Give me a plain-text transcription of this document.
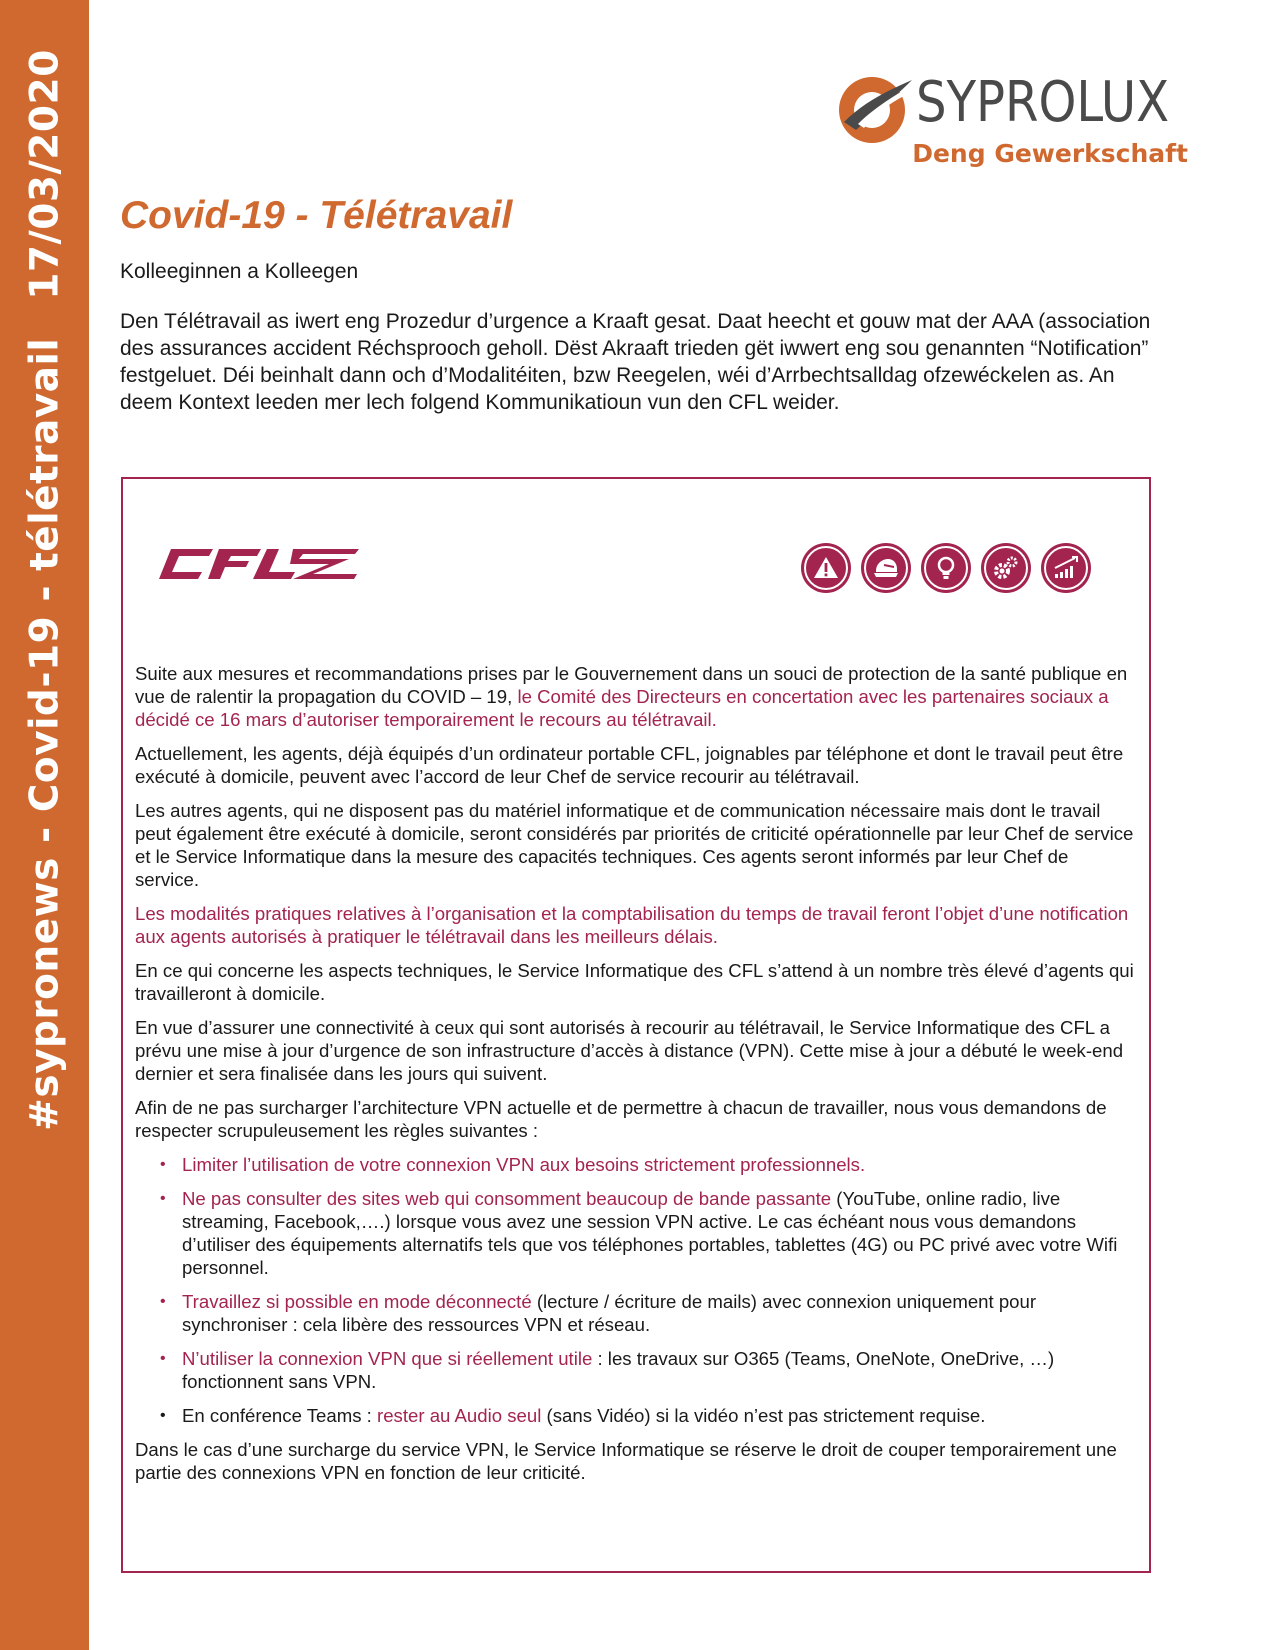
#sypronews - Covid-19 - télétravail17/03/2020	SYPROLUX
Deng Gewerkschaft
Covid-19 - Télétravail

Kolleeginnen a Kolleegen

Den Télétravail as iwert eng Prozedur d’urgence a Kraaft gesat. Daat heecht et gouw mat der AAA (association des assurances accident Réchsprooch geholl. Dëst Akraaft trieden gët iwwert eng sou genannten “Notification” festgeluet. Déi beinhalt dann och d’Modalitéiten, bzw Reegelen, wéi d’Arrbechtsalldag ofzewéckelen as. An deem Kontext leeden mer lech folgend Kommunikatioun vun den CFL weider.

Suite aux mesures et recommandations prises par le Gouvernement dans un souci de protection de la santé publique en vue de ralentir la propagation du COVID – 19, le Comité des Directeurs en concertation avec les partenaires sociaux a décidé ce 16 mars d’autoriser temporairement le recours au télétravail.

Actuellement, les agents, déjà équipés d’un ordinateur portable CFL, joignables par téléphone et dont le travail peut être exécuté à domicile, peuvent avec l’accord de leur Chef de service recourir au télétravail.

Les autres agents, qui ne disposent pas du matériel informatique et de communication nécessaire mais dont le travail peut également être exécuté à domicile, seront considérés par priorités de criticité opérationnelle par leur Chef de service et le Service Informatique dans la mesure des capacités techniques. Ces agents seront informés par leur Chef de service.

Les modalités pratiques relatives à l’organisation et la comptabilisation du temps de travail feront l’objet d’une notification aux agents autorisés à pratiquer le télétravail dans les meilleurs délais.

En ce qui concerne les aspects techniques, le Service Informatique des CFL s’attend à un nombre très élevé d’agents qui travailleront à domicile.

En vue d’assurer une connectivité à ceux qui sont autorisés à recourir au télétravail, le Service Informatique des CFL a prévu une mise à jour d’urgence de son infrastructure d’accès à distance (VPN). Cette mise à jour a débuté le week-end dernier et sera finalisée dans les jours qui suivent.

Afin de ne pas surcharger l’architecture VPN actuelle et de permettre à chacun de travailler, nous vous demandons de respecter scrupuleusement les règles suivantes :

• Limiter l’utilisation de votre connexion VPN aux besoins strictement professionnels.
• Ne pas consulter des sites web qui consomment beaucoup de bande passante (YouTube, online radio, live streaming, Facebook,….) lorsque vous avez une session VPN active. Le cas échéant nous vous demandons d’utiliser des équipements alternatifs tels que vos téléphones portables, tablettes (4G) ou PC privé avec votre Wifi personnel.
• Travaillez si possible en mode déconnecté (lecture / écriture de mails) avec connexion uniquement pour synchroniser : cela libère des ressources VPN et réseau.
• N’utiliser la connexion VPN que si réellement utile : les travaux sur O365 (Teams, OneNote, OneDrive, …) fonctionnent sans VPN.
• En conférence Teams : rester au Audio seul (sans Vidéo) si la vidéo n’est pas strictement requise.

Dans le cas d’une surcharge du service VPN, le Service Informatique se réserve le droit de couper temporairement une partie des connexions VPN en fonction de leur criticité.
